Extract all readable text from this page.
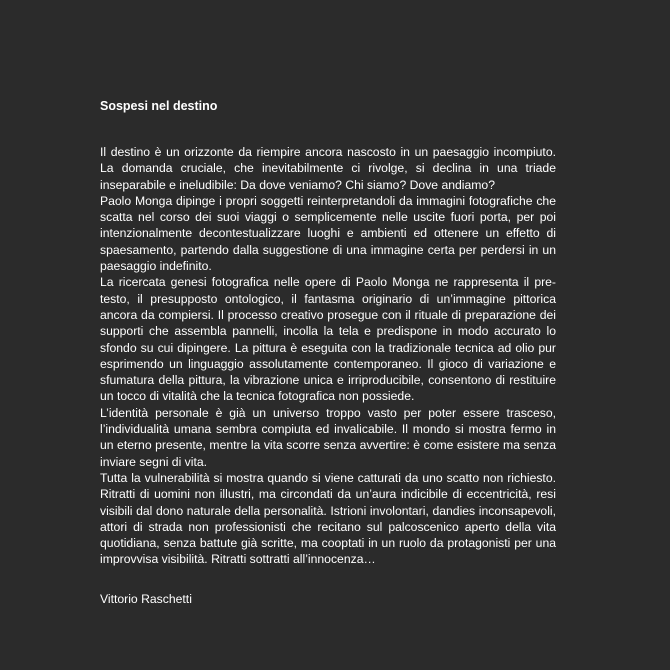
Sospesi nel destino

Il destino è un orizzonte da riempire ancora nascosto in un paesaggio incompiuto. La domanda cruciale, che inevitabilmente ci rivolge, si declina in una triade inseparabile e ineludibile: Da dove veniamo? Chi siamo? Dove andiamo?

Paolo Monga dipinge i propri soggetti reinterpretandoli da immagini fotografiche che scatta nel corso dei suoi viaggi o semplicemente nelle uscite fuori porta, per poi intenzionalmente decontestualizzare luoghi e ambienti ed ottenere un effetto di spaesamento, partendo dalla suggestione di una immagine certa per perdersi in un paesaggio indefinito.

La ricercata genesi fotografica nelle opere di Paolo Monga ne rappresenta il pre-testo, il presupposto ontologico, il fantasma originario di un’immagine pittorica ancora da compiersi. Il processo creativo prosegue con il rituale di preparazione dei supporti che assembla pannelli, incolla la tela e predispone in modo accurato lo sfondo su cui dipingere. La pittura è eseguita con la tradizionale tecnica ad olio pur esprimendo un linguaggio assolutamente contemporaneo. Il gioco di variazione e sfumatura della pittura, la vibrazione unica e irriproducibile, consentono di restituire un tocco di vitalità che la tecnica fotografica non possiede.

L’identità personale è già un universo troppo vasto per poter essere trasceso, l’individualità umana sembra compiuta ed invalicabile. Il mondo si mostra fermo in un eterno presente, mentre la vita scorre senza avvertire: è come esistere ma senza inviare segni di vita.

Tutta la vulnerabilità si mostra quando si viene catturati da uno scatto non richiesto. Ritratti di uomini non illustri, ma circondati da un’aura indicibile di eccentricità, resi visibili dal dono naturale della personalità. Istrioni involontari, dandies inconsapevoli, attori di strada non professionisti che recitano sul palcoscenico aperto della vita quotidiana, senza battute già scritte, ma cooptati in un ruolo da protagonisti per una improvvisa visibilità. Ritratti sottratti all’innocenza…

Vittorio Raschetti
